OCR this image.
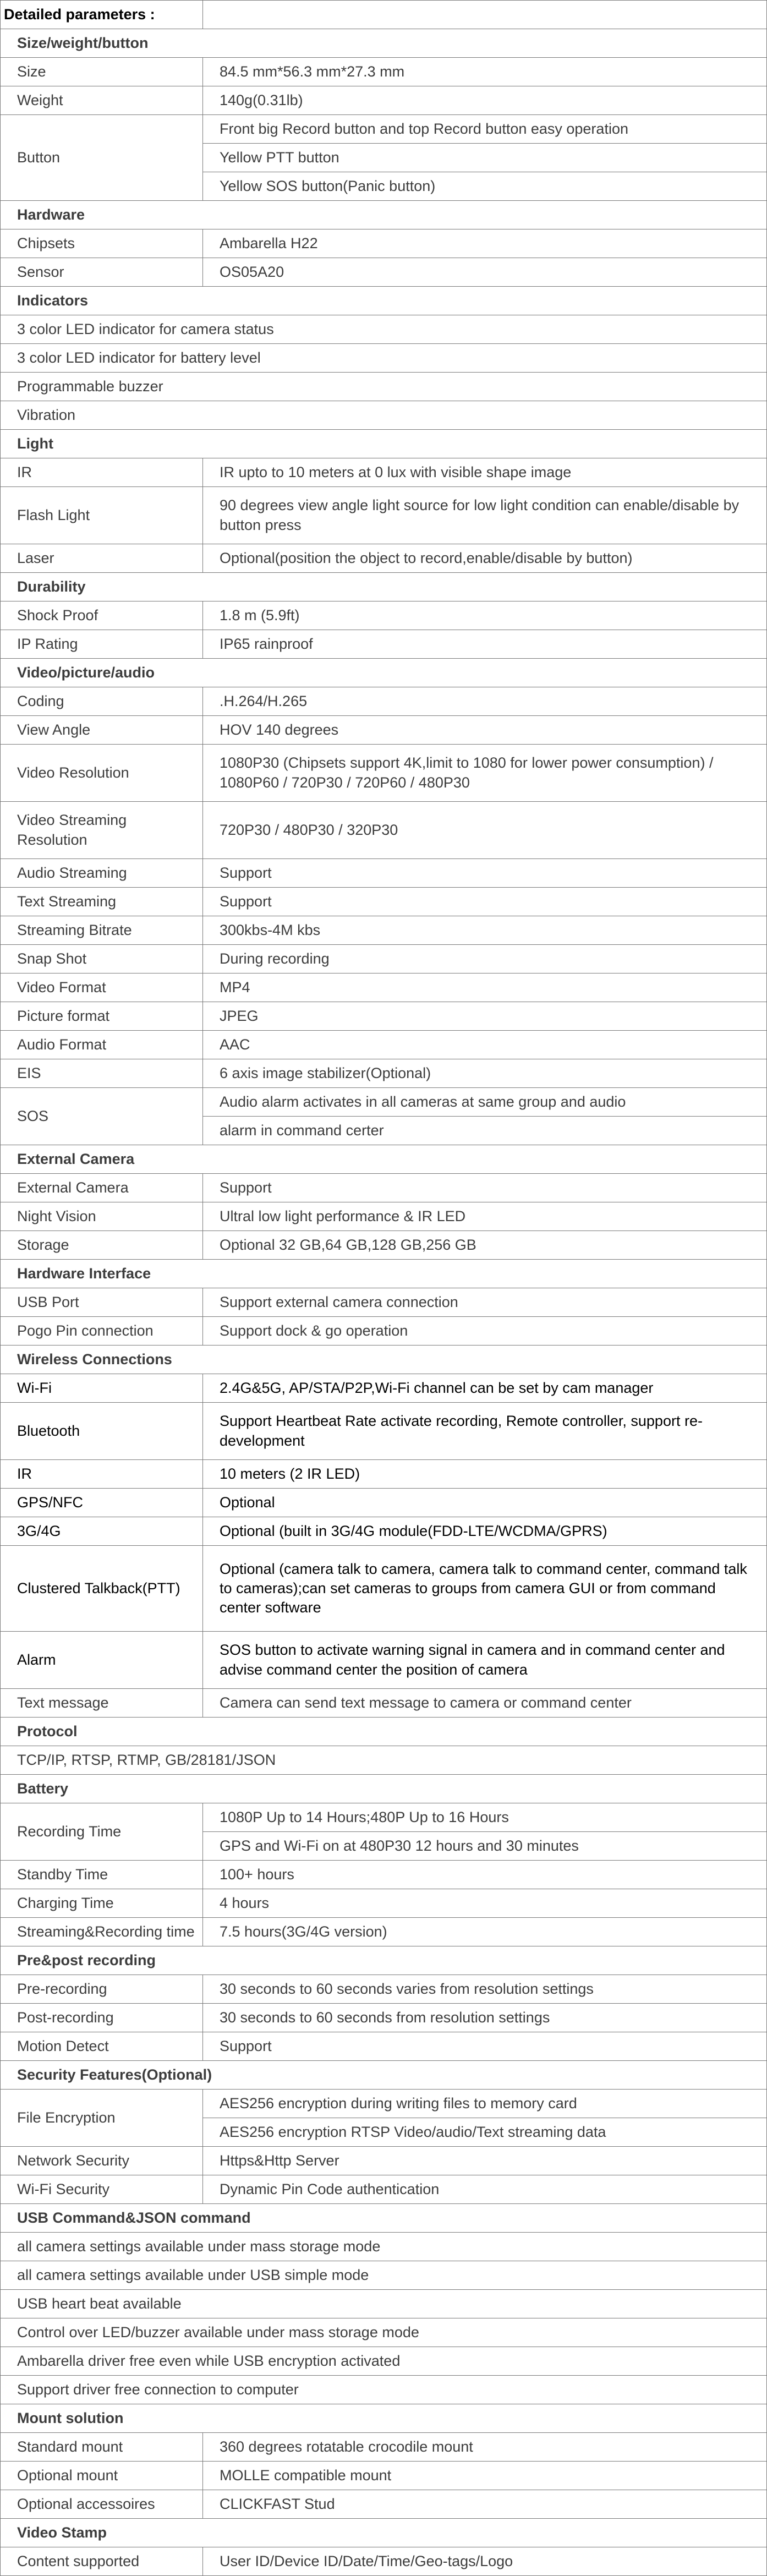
Detailed parameters :	
Size/weight/button	
Size	84.5 mm*56.3 mm*27.3 mm
Weight	140g(0.31lb)
Button	Front big Record button and top Record button easy operation
	Yellow PTT button
	Yellow SOS button(Panic button)
Hardware	
Chipsets	Ambarella H22
Sensor	OS05A20
Indicators	
3 color LED indicator for camera status	
3 color LED indicator for battery level	
Programmable buzzer	
Vibration	
Light	
IR	IR upto to 10 meters at 0 lux with visible shape image
Flash Light	90 degrees view angle light source for low light condition can enable/disable by button press
Laser	Optional(position the object to record,enable/disable by button)
Durability	
Shock Proof	1.8 m (5.9ft)
IP Rating	IP65 rainproof
Video/picture/audio	
Coding	.H.264/H.265
View Angle	HOV 140 degrees
Video Resolution	1080P30 (Chipsets support 4K,limit to 1080 for lower power consumption) / 1080P60 / 720P30 / 720P60 / 480P30
Video Streaming Resolution	720P30 / 480P30 / 320P30
Audio Streaming	Support
Text Streaming	Support
Streaming Bitrate	300kbs-4M kbs
Snap Shot	During recording
Video Format	MP4
Picture format	JPEG
Audio Format	AAC
EIS	6 axis image stabilizer(Optional)
SOS	Audio alarm activates in all cameras at same group and audio
	alarm in command certer
External Camera	
External Camera	Support
Night Vision	Ultral low light performance & IR LED
Storage	Optional 32 GB,64 GB,128 GB,256 GB
Hardware Interface	
USB Port	Support external camera connection
Pogo Pin connection	Support dock & go operation
Wireless Connections	
Wi-Fi	2.4G&5G, AP/STA/P2P,Wi-Fi channel can be set by cam manager
Bluetooth	Support Heartbeat Rate activate recording, Remote controller, support re-development
IR	10 meters (2 IR LED)
GPS/NFC	Optional
3G/4G	Optional (built in 3G/4G module(FDD-LTE/WCDMA/GPRS)
Clustered Talkback(PTT)	Optional (camera talk to camera, camera talk to command center, command talk to cameras);can set cameras to groups from camera GUI or from command center software
Alarm	SOS button to activate warning signal in camera and in command center and advise command center the position of camera
Text message	Camera can send text message to camera or command center
Protocol	
TCP/IP, RTSP, RTMP, GB/28181/JSON	
Battery	
Recording Time	1080P Up to 14 Hours;480P Up to 16 Hours
	GPS and Wi-Fi on at 480P30 12 hours and 30 minutes
Standby Time	100+ hours
Charging Time	4 hours
Streaming&Recording time	7.5 hours(3G/4G version)
Pre&post recording	
Pre-recording	30 seconds to 60 seconds varies from resolution settings
Post-recording	30 seconds to 60 seconds from resolution settings
Motion Detect	Support
Security Features(Optional)	
File Encryption	AES256 encryption during writing files to memory card
	AES256 encryption RTSP Video/audio/Text streaming data
Network Security	Https&Http Server
Wi-Fi Security	Dynamic Pin Code authentication
USB Command&JSON command	
all camera settings available under mass storage mode	
all camera settings available under USB simple mode	
USB heart beat available	
Control over LED/buzzer available under mass storage mode	
Ambarella driver free even while USB encryption activated	
Support driver free connection to computer	
Mount solution	
Standard mount	360 degrees rotatable crocodile mount
Optional mount	MOLLE compatible mount
Optional accessoires	CLICKFAST Stud
Video Stamp	
Content supported	User ID/Device ID/Date/Time/Geo-tags/Logo
